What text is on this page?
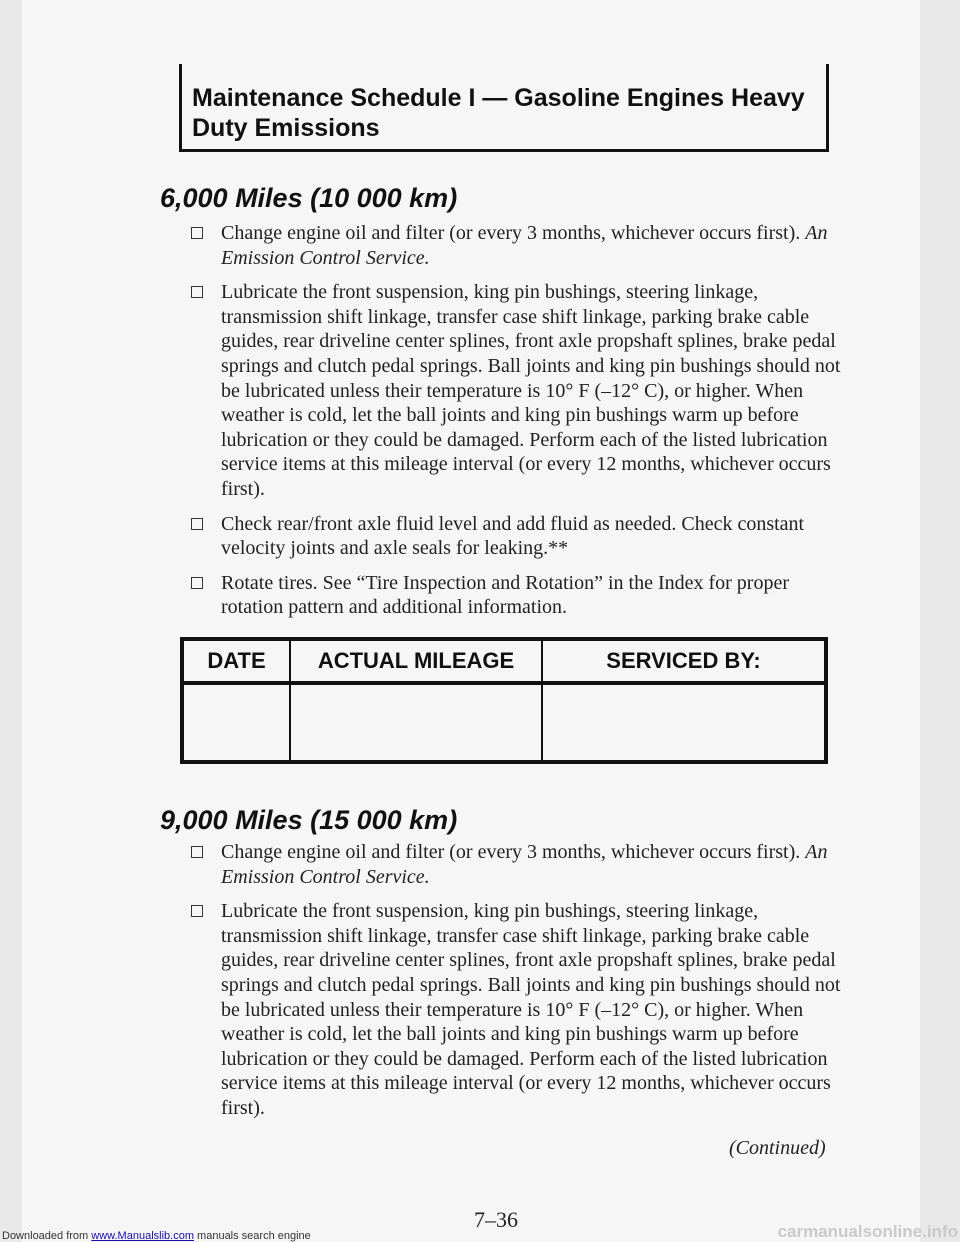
Maintenance Schedule I — Gasoline Engines Heavy Duty Emissions
6,000 Miles (10 000 km)
Change engine oil and filter (or every 3 months, whichever occurs first). An Emission Control Service.
Lubricate the front suspension, king pin bushings, steering linkage, transmission shift linkage, transfer case shift linkage, parking brake cable guides, rear driveline center splines, front axle propshaft splines, brake pedal springs and clutch pedal springs. Ball joints and king pin bushings should not be lubricated unless their temperature is 10° F (–12° C), or higher. When weather is cold, let the ball joints and king pin bushings warm up before lubrication or they could be damaged. Perform each of the listed lubrication service items at this mileage interval (or every 12 months, whichever occurs first).
Check rear/front axle fluid level and add fluid as needed. Check constant velocity joints and axle seals for leaking.**
Rotate tires. See “Tire Inspection and Rotation” in the Index for proper rotation pattern and additional information.
DATE	ACTUAL MILEAGE	SERVICED BY:

9,000 Miles (15 000 km)
Change engine oil and filter (or every 3 months, whichever occurs first). An Emission Control Service.
Lubricate the front suspension, king pin bushings, steering linkage, transmission shift linkage, transfer case shift linkage, parking brake cable guides, rear driveline center splines, front axle propshaft splines, brake pedal springs and clutch pedal springs. Ball joints and king pin bushings should not be lubricated unless their temperature is 10° F (–12° C), or higher. When weather is cold, let the ball joints and king pin bushings warm up before lubrication or they could be damaged. Perform each of the listed lubrication service items at this mileage interval (or every 12 months, whichever occurs first).
(Continued)
7–36
Downloaded from www.Manualslib.com manuals search engine	carmanualsonline.info
